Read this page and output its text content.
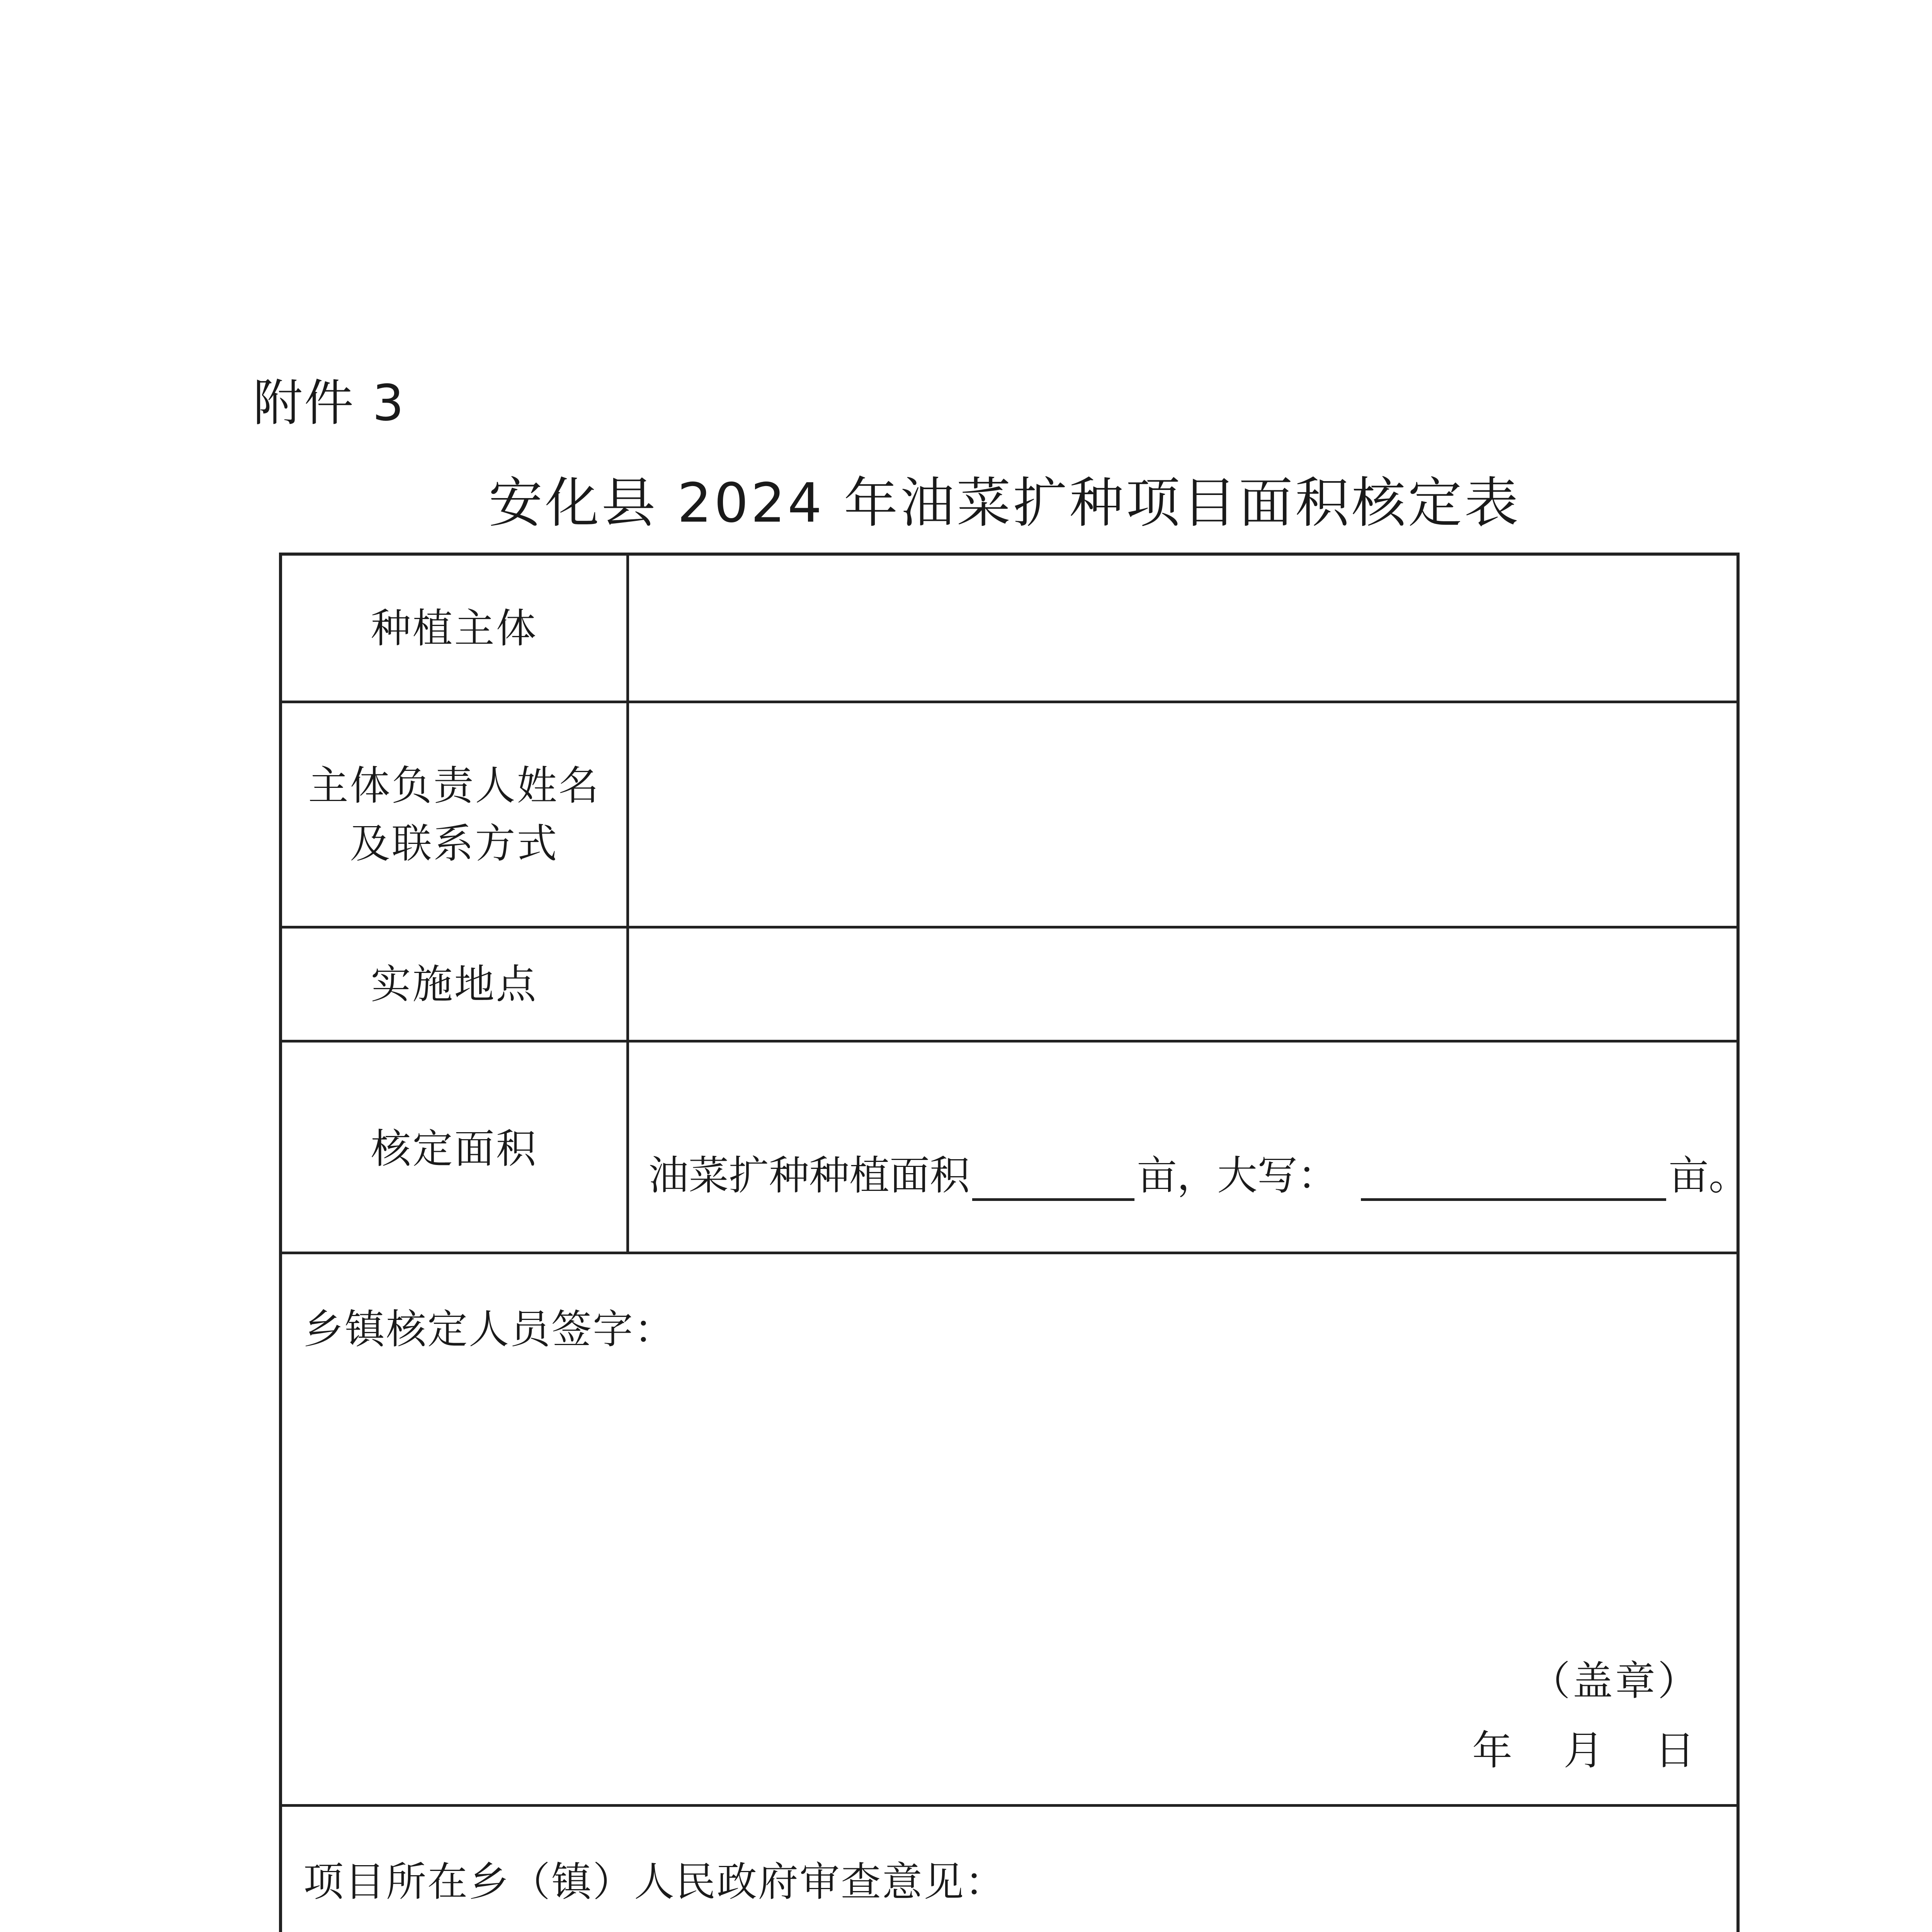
附件 3
安化县 2024 年油菜扩种项目面积核定表
种植主体
主体负责人姓名
及联系方式
实施地点
核定面积
油菜扩种种植面积	亩，大写：	亩。
乡镇核定人员签字：
（盖章）
年    月    日
项目所在乡（镇）人民政府审查意见：
